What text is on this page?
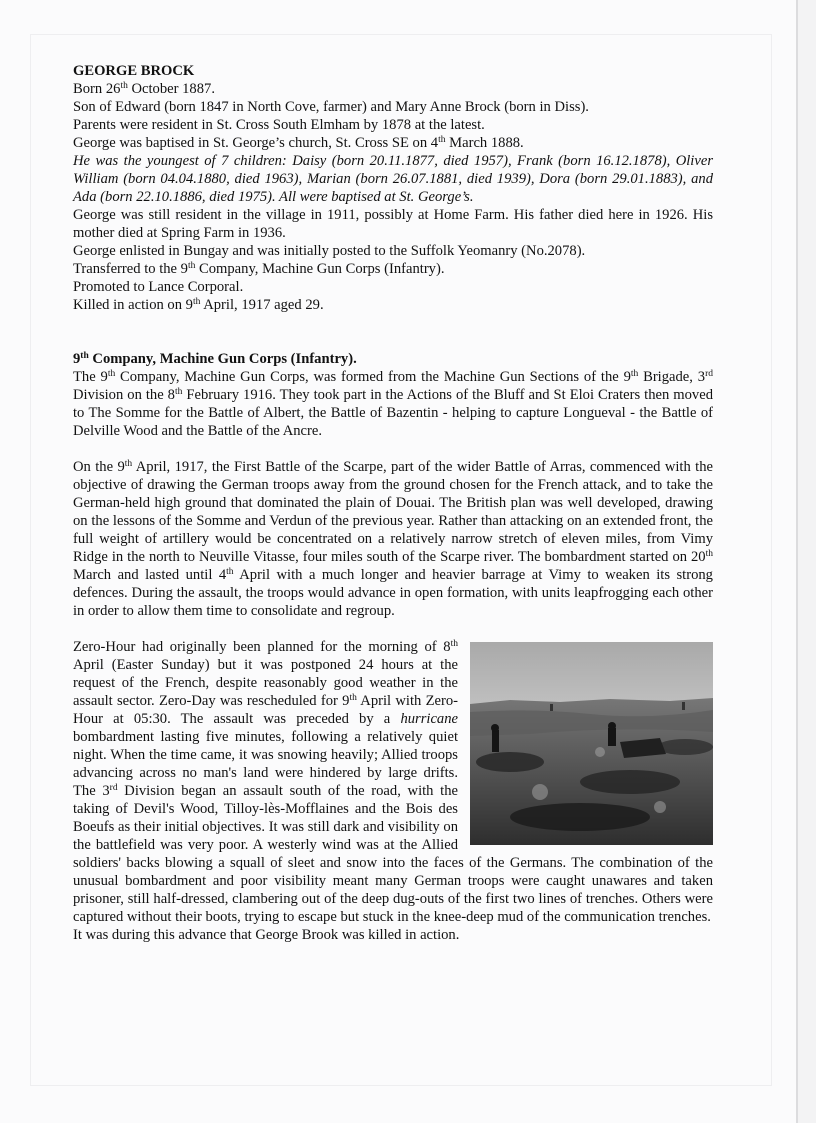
GEORGE BROCK

Born 26th October 1887.

Son of Edward (born 1847 in North Cove, farmer) and Mary Anne Brock (born in Diss).

Parents were resident in St. Cross South Elmham by 1878 at the latest.

George was baptised in St. George’s church, St. Cross SE on 4th March 1888.

He was the youngest of 7 children: Daisy (born 20.11.1877, died 1957), Frank (born 16.12.1878), Oliver William (born 04.04.1880, died 1963), Marian (born 26.07.1881, died 1939), Dora (born 29.01.1883), and Ada (born 22.10.1886, died 1975). All were baptised at St. George’s.

George was still resident in the village in 1911, possibly at Home Farm. His father died here in 1926. His mother died at Spring Farm in 1936.

George enlisted in Bungay and was initially posted to the Suffolk Yeomanry (No.2078).

Transferred to the 9th Company, Machine Gun Corps (Infantry).

Promoted to Lance Corporal.

Killed in action on 9th April, 1917 aged 29.

9th Company, Machine Gun Corps (Infantry).

The 9th Company, Machine Gun Corps, was formed from the Machine Gun Sections of the 9th Brigade, 3rd Division on the 8th February 1916. They took part in the Actions of the Bluff and St Eloi Craters then moved to The Somme for the Battle of Albert, the Battle of Bazentin - helping to capture Longueval - the Battle of Delville Wood and the Battle of the Ancre.

On the 9th April, 1917, the First Battle of the Scarpe, part of the wider Battle of Arras, commenced with the objective of drawing the German troops away from the ground chosen for the French attack, and to take the German-held high ground that dominated the plain of Douai. The British plan was well developed, drawing on the lessons of the Somme and Verdun of the previous year. Rather than attacking on an extended front, the full weight of artillery would be concentrated on a relatively narrow stretch of eleven miles, from Vimy Ridge in the north to Neuville Vitasse, four miles south of the Scarpe river. The bombardment started on 20th March and lasted until 4th April with a much longer and heavier barrage at Vimy to weaken its strong defences. During the assault, the troops would advance in open formation, with units leapfrogging each other in order to allow them time to consolidate and regroup.

Zero-Hour had originally been planned for the morning of 8th April (Easter Sunday) but it was postponed 24 hours at the request of the French, despite reasonably good weather in the assault sector. Zero-Day was rescheduled for 9th April with Zero-Hour at 05:30. The assault was preceded by a hurricane bombardment lasting five minutes, following a relatively quiet night. When the time came, it was snowing heavily; Allied troops advancing across no man's land were hindered by large drifts. The 3rd Division began an assault south of the road, with the taking of Devil's Wood, Tilloy-lès-Mofflaines and the Bois des Boeufs as their initial objectives. It was still dark and visibility on the battlefield was very poor. A westerly wind was at the Allied soldiers' backs blowing a squall of sleet and snow into the faces of the Germans. The combination of the unusual bombardment and poor visibility meant many German troops were caught unawares and taken prisoner, still half-dressed, clambering out of the deep dug-outs of the first two lines of trenches. Others were captured without their boots, trying to escape but stuck in the knee-deep mud of the communication trenches.

It was during this advance that George Brook was killed in action.
